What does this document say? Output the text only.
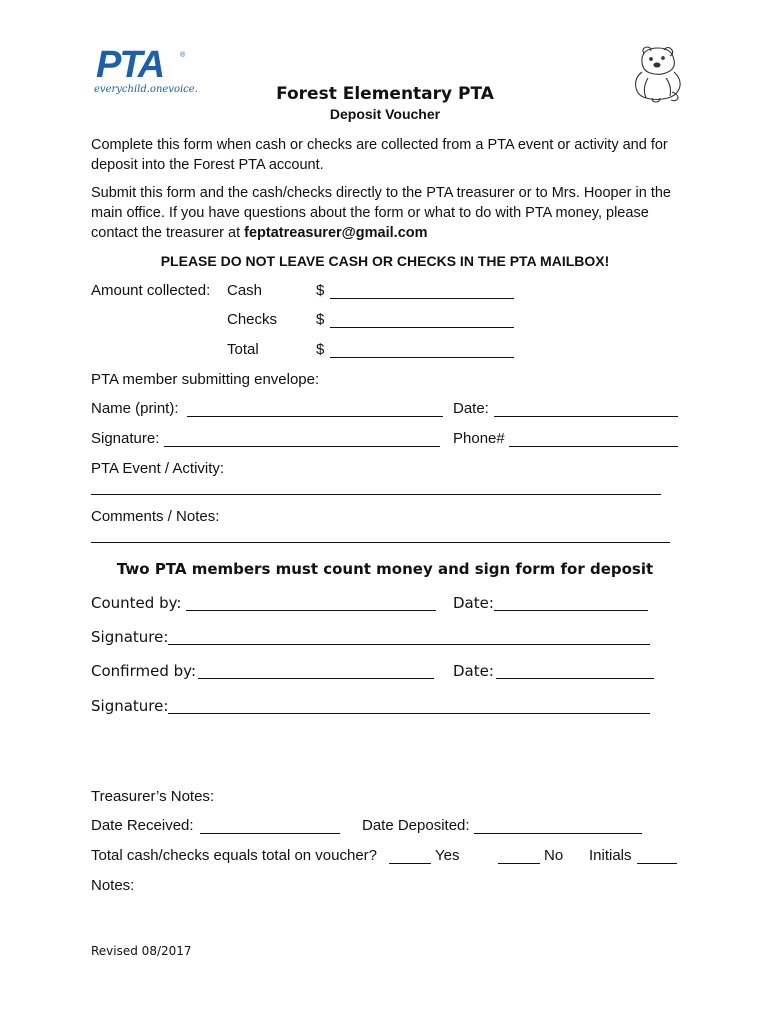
PTA ®
everychild.onevoice.	Forest Elementary PTA
Deposit Voucher
Complete this form when cash or checks are collected from a PTA event or activity and for deposit into the Forest PTA account.
Submit this form and the cash/checks directly to the PTA treasurer or to Mrs. Hooper in the main office. If you have questions about the form or what to do with PTA money, please contact the treasurer at feptatreasurer@gmail.com
PLEASE DO NOT LEAVE CASH OR CHECKS IN THE PTA MAILBOX!
Amount collected: Cash	$
Checks	$
Total	$
PTA member submitting envelope:
Name (print):	Date:
Signature:	Phone#
PTA Event / Activity:
Comments / Notes:
Two PTA members must count money and sign form for deposit
Counted by:	Date:
Signature:
Confirmed by:	Date:
Signature:
Treasurer’s Notes:
Date Received:	Date Deposited:
Total cash/checks equals total on voucher?	Yes	No Initials
Notes:
Revised 08/2017
